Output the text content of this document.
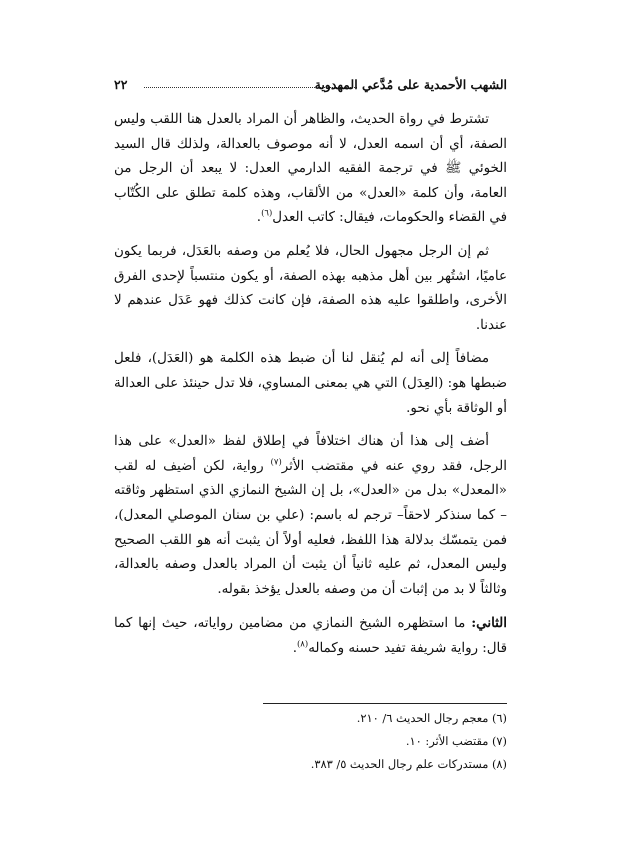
٢٢	الشهب الأحمدية على مُدَّعي المهدوية

تشترط في رواة الحديث، والظاهر أن المراد بالعدل هنا اللقب وليس الصفة، أي أن اسمه العدل، لا أنه موصوف بالعدالة، ولذلك قال السيد الخوئي ﷺ في ترجمة الفقيه الدارمي العدل: لا يبعد أن الرجل من العامة، وأن كلمة «العدل» من الألقاب، وهذه كلمة تطلق على الكُتّاب في القضاء والحكومات، فيقال: كاتب العدل$^{(٦)}$.

ثم إن الرجل مجهول الحال، فلا يُعلم من وصفه بالعَدَل، فربما يكون عاميًا، اشتُهر بين أهل مذهبه بهذه الصفة، أو يكون منتسباً لإحدى الفرق الأخرى، واطلقوا عليه هذه الصفة، فإن كانت كذلك فهو عَدَل عندهم لا عندنا.

مضافاً إلى أنه لم يُنقل لنا أن ضبط هذه الكلمة هو (العَدَل)، فلعل ضبطها هو: (العِدَل) التي هي بمعنى المساوي، فلا تدل حينئذ على العدالة أو الوثاقة بأي نحو.

أضف إلى هذا أن هناك اختلافاً في إطلاق لفظ «العدل» على هذا الرجل، فقد روي عنه في مقتضب الأثر$^{(٧)}$ رواية، لكن أضيف له لقب «المعدل» بدل من «العدل»، بل إن الشيخ النمازي الذي استظهر وثاقته – كما سنذكر لاحقاً– ترجم له باسم: (علي بن سنان الموصلي المعدل)، فمن يتمسّك بدلالة هذا اللفظ، فعليه أولاً أن يثبت أنه هو اللقب الصحيح وليس المعدل، ثم عليه ثانياً أن يثبت أن المراد بالعدل وصفه بالعدالة، وثالثاً لا بد من إثبات أن من وصفه بالعدل يؤخذ بقوله.

الثاني: ما استظهره الشيخ النمازي من مضامين رواياته، حيث إنها كما قال: رواية شريفة تفيد حسنه وكماله$^{(٨)}$.

(٦) معجم رجال الحديث ٦/ ٢١٠.

(٧) مقتضب الأثر: ١٠.

(٨) مستدركات علم رجال الحديث ٥/ ٣٨٣.
